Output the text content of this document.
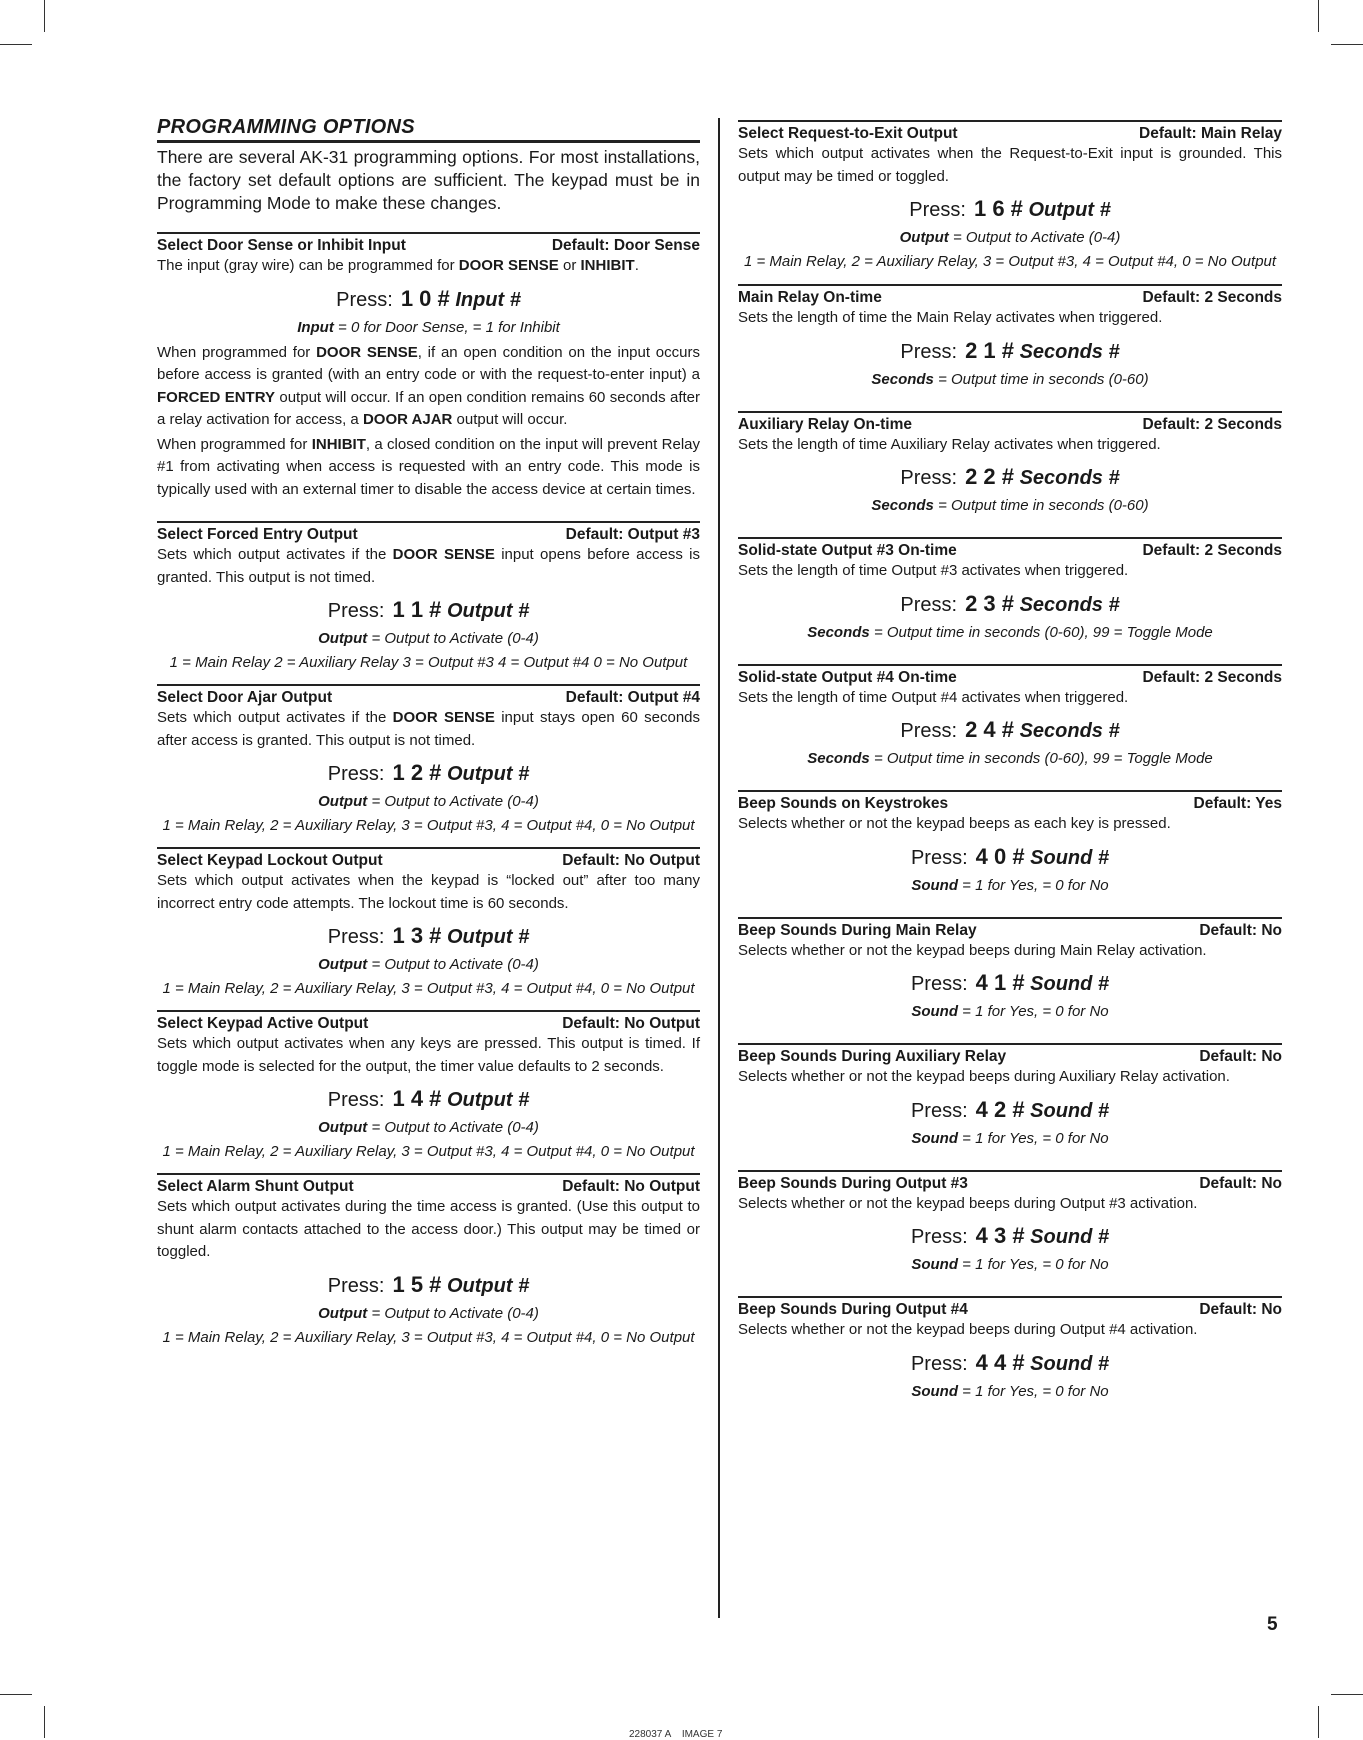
PROGRAMMING OPTIONS

There are several AK-31 programming options. For most installations, the factory set default options are sufficient. The keypad must be in Programming Mode to make these changes.

Select Door Sense or Inhibit Input	Default: Door Sense

The input (gray wire) can be programmed for DOOR SENSE or INHIBIT.

Press: 1 0 # Input #

Input = 0 for Door Sense, = 1 for Inhibit

When programmed for DOOR SENSE, if an open condition on the input occurs before access is granted (with an entry code or with the request-to-enter input) a FORCED ENTRY output will occur. If an open condition remains 60 seconds after a relay activation for access, a DOOR AJAR output will occur.

When programmed for INHIBIT, a closed condition on the input will prevent Relay #1 from activating when access is requested with an entry code. This mode is typically used with an external timer to disable the access device at certain times.

Select Forced Entry Output	Default: Output #3

Sets which output activates if the DOOR SENSE input opens before access is granted. This output is not timed.

Press: 1 1 # Output #

Output = Output to Activate (0-4)

1 = Main Relay 2 = Auxiliary Relay 3 = Output #3 4 = Output #4 0 = No Output

Select Door Ajar Output	Default: Output #4

Sets which output activates if the DOOR SENSE input stays open 60 seconds after access is granted. This output is not timed.

Press: 1 2 # Output #

Output = Output to Activate (0-4)

1 = Main Relay, 2 = Auxiliary Relay, 3 = Output #3, 4 = Output #4, 0 = No Output

Select Keypad Lockout Output	Default: No Output

Sets which output activates when the keypad is “locked out” after too many incorrect entry code attempts. The lockout time is 60 seconds.

Press: 1 3 # Output #

Output = Output to Activate (0-4)

1 = Main Relay, 2 = Auxiliary Relay, 3 = Output #3, 4 = Output #4, 0 = No Output

Select Keypad Active Output	Default: No Output

Sets which output activates when any keys are pressed. This output is timed. If toggle mode is selected for the output, the timer value defaults to 2 seconds.

Press: 1 4 # Output #

Output = Output to Activate (0-4)

1 = Main Relay, 2 = Auxiliary Relay, 3 = Output #3, 4 = Output #4, 0 = No Output

Select Alarm Shunt Output	Default: No Output

Sets which output activates during the time access is granted. (Use this output to shunt alarm contacts attached to the access door.) This output may be timed or toggled.

Press: 1 5 # Output #

Output = Output to Activate (0-4)

1 = Main Relay, 2 = Auxiliary Relay, 3 = Output #3, 4 = Output #4, 0 = No Output

Select Request-to-Exit Output	Default: Main Relay

Sets which output activates when the Request-to-Exit input is grounded. This output may be timed or toggled.

Press: 1 6 # Output #

Output = Output to Activate (0-4)

1 = Main Relay, 2 = Auxiliary Relay, 3 = Output #3, 4 = Output #4, 0 = No Output

Main Relay On-time	Default: 2 Seconds

Sets the length of time the Main Relay activates when triggered.

Press: 2 1 # Seconds #

Seconds = Output time in seconds (0-60)

Auxiliary Relay On-time	Default: 2 Seconds

Sets the length of time Auxiliary Relay activates when triggered.

Press: 2 2 # Seconds #

Seconds = Output time in seconds (0-60)

Solid-state Output #3 On-time	Default: 2 Seconds

Sets the length of time Output #3 activates when triggered.

Press: 2 3 # Seconds #

Seconds = Output time in seconds (0-60), 99 = Toggle Mode

Solid-state Output #4 On-time	Default: 2 Seconds

Sets the length of time Output #4 activates when triggered.

Press: 2 4 # Seconds #

Seconds = Output time in seconds (0-60), 99 = Toggle Mode

Beep Sounds on Keystrokes	Default: Yes

Selects whether or not the keypad beeps as each key is pressed.

Press: 4 0 # Sound #

Sound = 1 for Yes, = 0 for No

Beep Sounds During Main Relay	Default: No

Selects whether or not the keypad beeps during Main Relay activation.

Press: 4 1 # Sound #

Sound = 1 for Yes, = 0 for No

Beep Sounds During Auxiliary Relay	Default: No

Selects whether or not the keypad beeps during Auxiliary Relay activation.

Press: 4 2 # Sound #

Sound = 1 for Yes, = 0 for No

Beep Sounds During Output #3	Default: No

Selects whether or not the keypad beeps during Output #3 activation.

Press: 4 3 # Sound #

Sound = 1 for Yes, = 0 for No

Beep Sounds During Output #4	Default: No

Selects whether or not the keypad beeps during Output #4 activation.

Press: 4 4 # Sound #

Sound = 1 for Yes, = 0 for No

5
228037 A    IMAGE 7
